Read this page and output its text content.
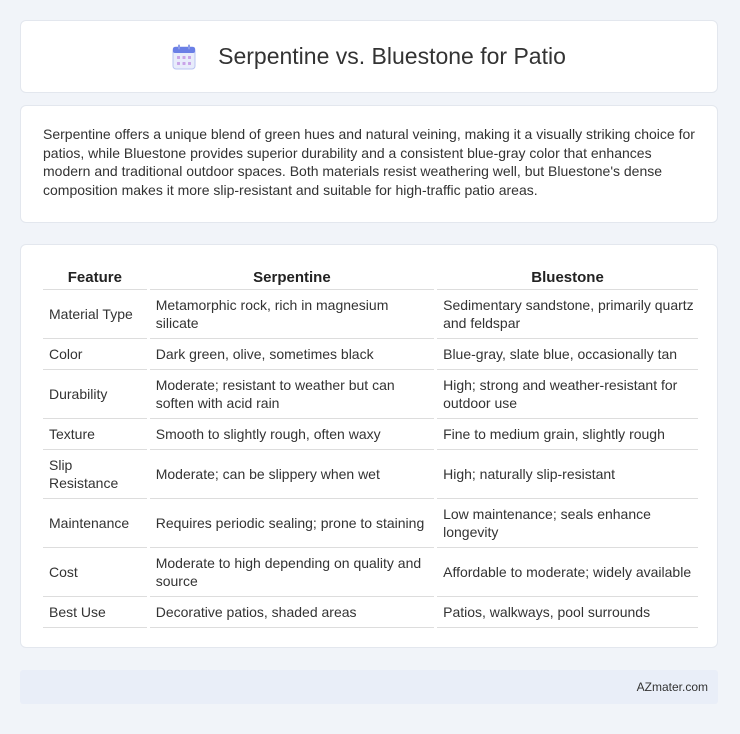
Serpentine vs. Bluestone for Patio

Serpentine offers a unique blend of green hues and natural veining, making it a visually striking choice for patios, while Bluestone provides superior durability and a consistent blue-gray color that enhances modern and traditional outdoor spaces. Both materials resist weathering well, but Bluestone's dense composition makes it more slip-resistant and suitable for high-traffic patio areas.

Feature	Serpentine	Bluestone
Material Type	Metamorphic rock, rich in magnesium silicate	Sedimentary sandstone, primarily quartz and feldspar
Color	Dark green, olive, sometimes black	Blue-gray, slate blue, occasionally tan
Durability	Moderate; resistant to weather but can soften with acid rain	High; strong and weather-resistant for outdoor use
Texture	Smooth to slightly rough, often waxy	Fine to medium grain, slightly rough
Slip Resistance	Moderate; can be slippery when wet	High; naturally slip-resistant
Maintenance	Requires periodic sealing; prone to staining	Low maintenance; seals enhance longevity
Cost	Moderate to high depending on quality and source	Affordable to moderate; widely available
Best Use	Decorative patios, shaded areas	Patios, walkways, pool surrounds
AZmater.com
